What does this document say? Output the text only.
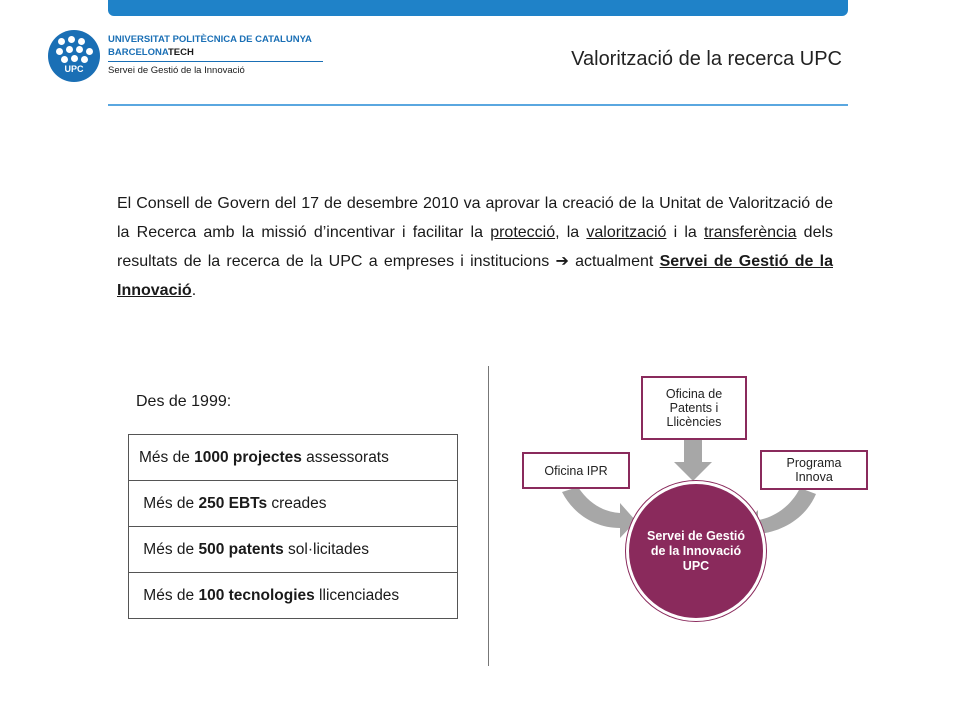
UPC
UNIVERSITAT POLITÈCNICA DE CATALUNYA
BARCELONATECH
Servei de Gestió de la Innovació
Valorització de la recerca UPC
El Consell de Govern del 17 de desembre 2010 va aprovar la creació de la Unitat de Valorització de la Recerca amb la missió d’incentivar i facilitar la protecció, la valorització i la transferència dels resultats de la recerca de la UPC a empreses i institucions ➔ actualment Servei de Gestió de la Innovació.
Des de 1999:
Més de 1000 projectes assessorats
Més de 250 EBTs creades
Més de 500 patents sol·licitades
Més de 100 tecnologies llicenciades
Servei de Gestió de la Innovació UPC
Oficina IPR
Oficina de Patents i Llicències
Programa Innova
